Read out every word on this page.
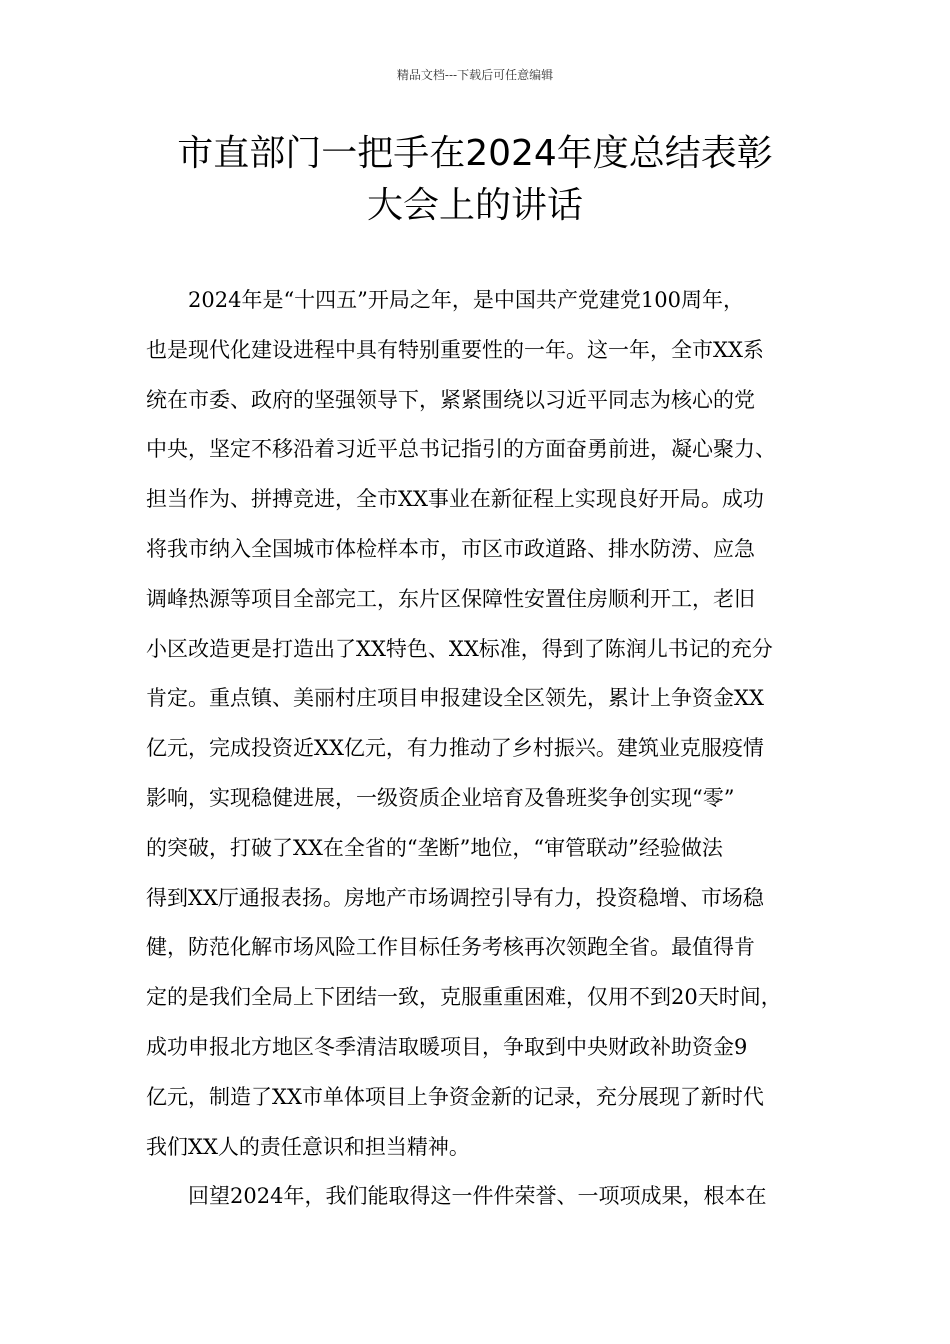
精品文档---下载后可任意编辑
市直部门一把手在2024年度总结表彰
大会上的讲话
2024年是“十四五”开局之年，是中国共产党建党100周年，
也是现代化建设进程中具有特别重要性的一年。这一年，全市XX系
统在市委、政府的坚强领导下，紧紧围绕以习近平同志为核心的党
中央，坚定不移沿着习近平总书记指引的方面奋勇前进，凝心聚力、
担当作为、拼搏竞进，全市XX事业在新征程上实现良好开局。成功
将我市纳入全国城市体检样本市，市区市政道路、排水防涝、应急
调峰热源等项目全部完工，东片区保障性安置住房顺利开工，老旧
小区改造更是打造出了XX特色、XX标准，得到了陈润儿书记的充分
肯定。重点镇、美丽村庄项目申报建设全区领先，累计上争资金XX
亿元，完成投资近XX亿元，有力推动了乡村振兴。建筑业克服疫情
影响，实现稳健进展，一级资质企业培育及鲁班奖争创实现“零”
的突破，打破了XX在全省的“垄断”地位，“审管联动”经验做法
得到XX厅通报表扬。房地产市场调控引导有力，投资稳增、市场稳
健，防范化解市场风险工作目标任务考核再次领跑全省。最值得肯
定的是我们全局上下团结一致，克服重重困难，仅用不到20天时间，
成功申报北方地区冬季清洁取暖项目，争取到中央财政补助资金9
亿元，制造了XX市单体项目上争资金新的记录，充分展现了新时代
我们XX人的责任意识和担当精神。
回望2024年，我们能取得这一件件荣誉、一项项成果，根本在
